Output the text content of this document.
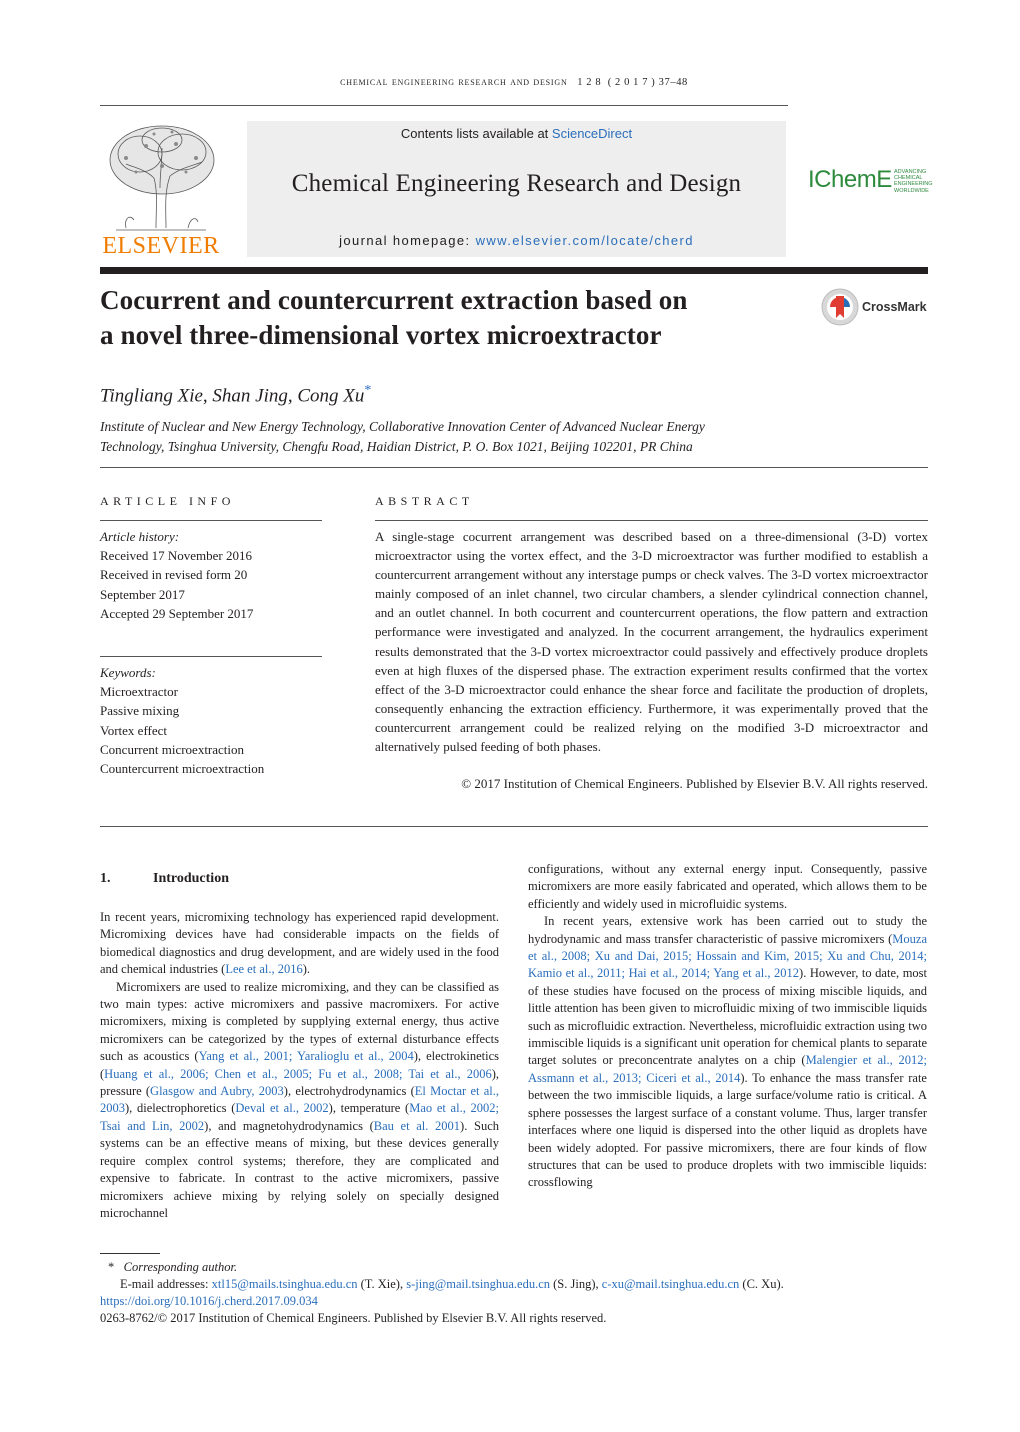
chemical engineering research and design 1 2 8 ( 2 0 1 7 ) 37–48
ELSEVIER
Contents lists available at ScienceDirect
Chemical Engineering Research and Design
journal homepage: www.elsevier.com/locate/cherd
IChemE ADVANCING CHEMICAL ENGINEERING WORLDWIDE
Cocurrent and countercurrent extraction based on
a novel three-dimensional vortex microextractor
CrossMark
Tingliang Xie, Shan Jing, Cong Xu*
Institute of Nuclear and New Energy Technology, Collaborative Innovation Center of Advanced Nuclear Energy
Technology, Tsinghua University, Chengfu Road, Haidian District, P. O. Box 1021, Beijing 102201, PR China
ARTICLE INFO
Article history:
Received 17 November 2016
Received in revised form 20
September 2017
Accepted 29 September 2017
Keywords:
Microextractor
Passive mixing
Vortex effect
Concurrent microextraction
Countercurrent microextraction
ABSTRACT
A single-stage cocurrent arrangement was described based on a three-dimensional (3-D) vortex microextractor using the vortex effect, and the 3-D microextractor was further modified to establish a countercurrent arrangement without any interstage pumps or check valves. The 3-D vortex microextractor mainly composed of an inlet channel, two circular chambers, a slender cylindrical connection channel, and an outlet channel. In both cocurrent and countercurrent operations, the flow pattern and extraction performance were investigated and analyzed. In the cocurrent arrangement, the hydraulics experiment results demonstrated that the 3-D vortex microextractor could passively and effectively produce droplets even at high fluxes of the dispersed phase. The extraction experiment results confirmed that the vortex effect of the 3-D microextractor could enhance the shear force and facilitate the production of droplets, consequently enhancing the extraction efficiency. Furthermore, it was experimentally proved that the countercurrent arrangement could be realized relying on the modified 3-D microextractor and alternatively pulsed feeding of both phases.
© 2017 Institution of Chemical Engineers. Published by Elsevier B.V. All rights reserved.
1.	Introduction

In recent years, micromixing technology has experienced rapid development. Micromixing devices have had considerable impacts on the fields of biomedical diagnostics and drug development, and are widely used in the food and chemical industries (Lee et al., 2016).

Micromixers are used to realize micromixing, and they can be classified as two main types: active micromixers and passive macromixers. For active micromixers, mixing is completed by supplying external energy, thus active micromixers can be categorized by the types of external disturbance effects such as acoustics (Yang et al., 2001; Yaralioglu et al., 2004), electrokinetics (Huang et al., 2006; Chen et al., 2005; Fu et al., 2008; Tai et al., 2006), pressure (Glasgow and Aubry, 2003), electrohydrodynamics (El Moctar et al., 2003), dielectrophoretics (Deval et al., 2002), temperature (Mao et al., 2002; Tsai and Lin, 2002), and magnetohydrodynamics (Bau et al. 2001). Such systems can be an effective means of mixing, but these devices generally require complex control systems; therefore, they are complicated and expensive to fabricate. In contrast to the active micromixers, passive micromixers achieve mixing by relying solely on specially designed microchannel

configurations, without any external energy input. Consequently, passive micromixers are more easily fabricated and operated, which allows them to be efficiently and widely used in microfluidic systems.

In recent years, extensive work has been carried out to study the hydrodynamic and mass transfer characteristic of passive micromixers (Mouza et al., 2008; Xu and Dai, 2015; Hossain and Kim, 2015; Xu and Chu, 2014; Kamio et al., 2011; Hai et al., 2014; Yang et al., 2012). However, to date, most of these studies have focused on the process of mixing miscible liquids, and little attention has been given to microfluidic mixing of two immiscible liquids such as microfluidic extraction. Nevertheless, microfluidic extraction using two immiscible liquids is a significant unit operation for chemical plants to separate target solutes or preconcentrate analytes on a chip (Malengier et al., 2012; Assmann et al., 2013; Ciceri et al., 2014). To enhance the mass transfer rate between the two immiscible liquids, a large surface/volume ratio is critical. A sphere possesses the largest surface of a constant volume. Thus, larger transfer interfaces where one liquid is dispersed into the other liquid as droplets have been widely adopted. For passive micromixers, there are four kinds of flow structures that can be used to produce droplets with two immiscible liquids: crossflowing

* Corresponding author.
E-mail addresses: xtl15@mails.tsinghua.edu.cn (T. Xie), s-jing@mail.tsinghua.edu.cn (S. Jing), c-xu@mail.tsinghua.edu.cn (C. Xu).
https://doi.org/10.1016/j.cherd.2017.09.034
0263-8762/© 2017 Institution of Chemical Engineers. Published by Elsevier B.V. All rights reserved.
